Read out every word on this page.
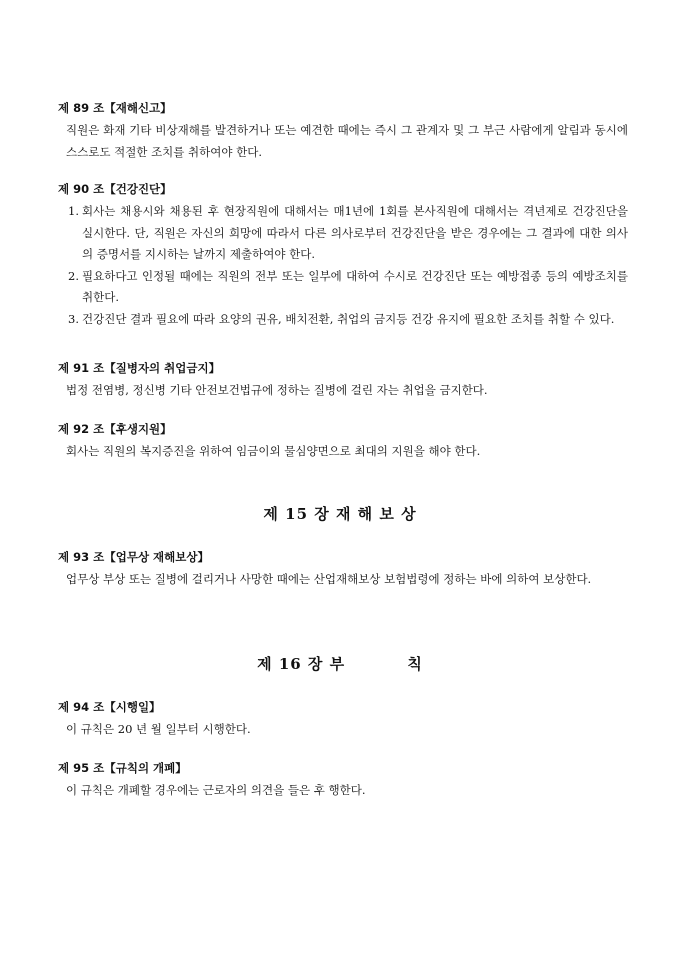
제 89 조【재해신고】
직원은 화재 기타 비상재해를 발견하거나 또는 예견한 때에는 즉시 그 관계자 및 그 부근 사람에게 알림과 동시에 스스로도 적절한 조치를 취하여야 한다.
제 90 조【건강진단】
1. 회사는 채용시와 채용된 후 현장직원에 대해서는 매1년에 1회를 본사직원에 대해서는 격년제로 건강진단을 실시한다. 단, 직원은 자신의 희망에 따라서 다른 의사로부터 건강진단을 받은 경우에는 그 결과에 대한 의사의 증명서를 지시하는 날까지 제출하여야 한다.
2. 필요하다고 인정될 때에는 직원의 전부 또는 일부에 대하여 수시로 건강진단 또는 예방접종 등의 예방조치를 취한다.
3. 건강진단 결과 필요에 따라 요양의 권유, 배치전환, 취업의 금지등 건강 유지에 필요한 조치를 취할 수 있다.
제 91 조【질병자의 취업금지】
법정 전염병, 정신병 기타 안전보건법규에 정하는 질병에 걸린 자는 취업을 금지한다.
제 92 조【후생지원】
회사는 직원의 복지증진을 위하여 임금이외 물심양면으로 최대의 지원을 해야 한다.
제 15 장 재 해 보 상
제 93 조【업무상 재해보상】
업무상 부상 또는 질병에 걸리거나 사망한 때에는 산업재해보상 보험법령에 정하는 바에 의하여 보상한다.
제 16 장 부          칙
제 94 조【시행일】
이 규칙은 20 년 월 일부터 시행한다.
제 95 조【규칙의 개폐】
이 규칙은 개폐할 경우에는 근로자의 의견을 들은 후 행한다.
